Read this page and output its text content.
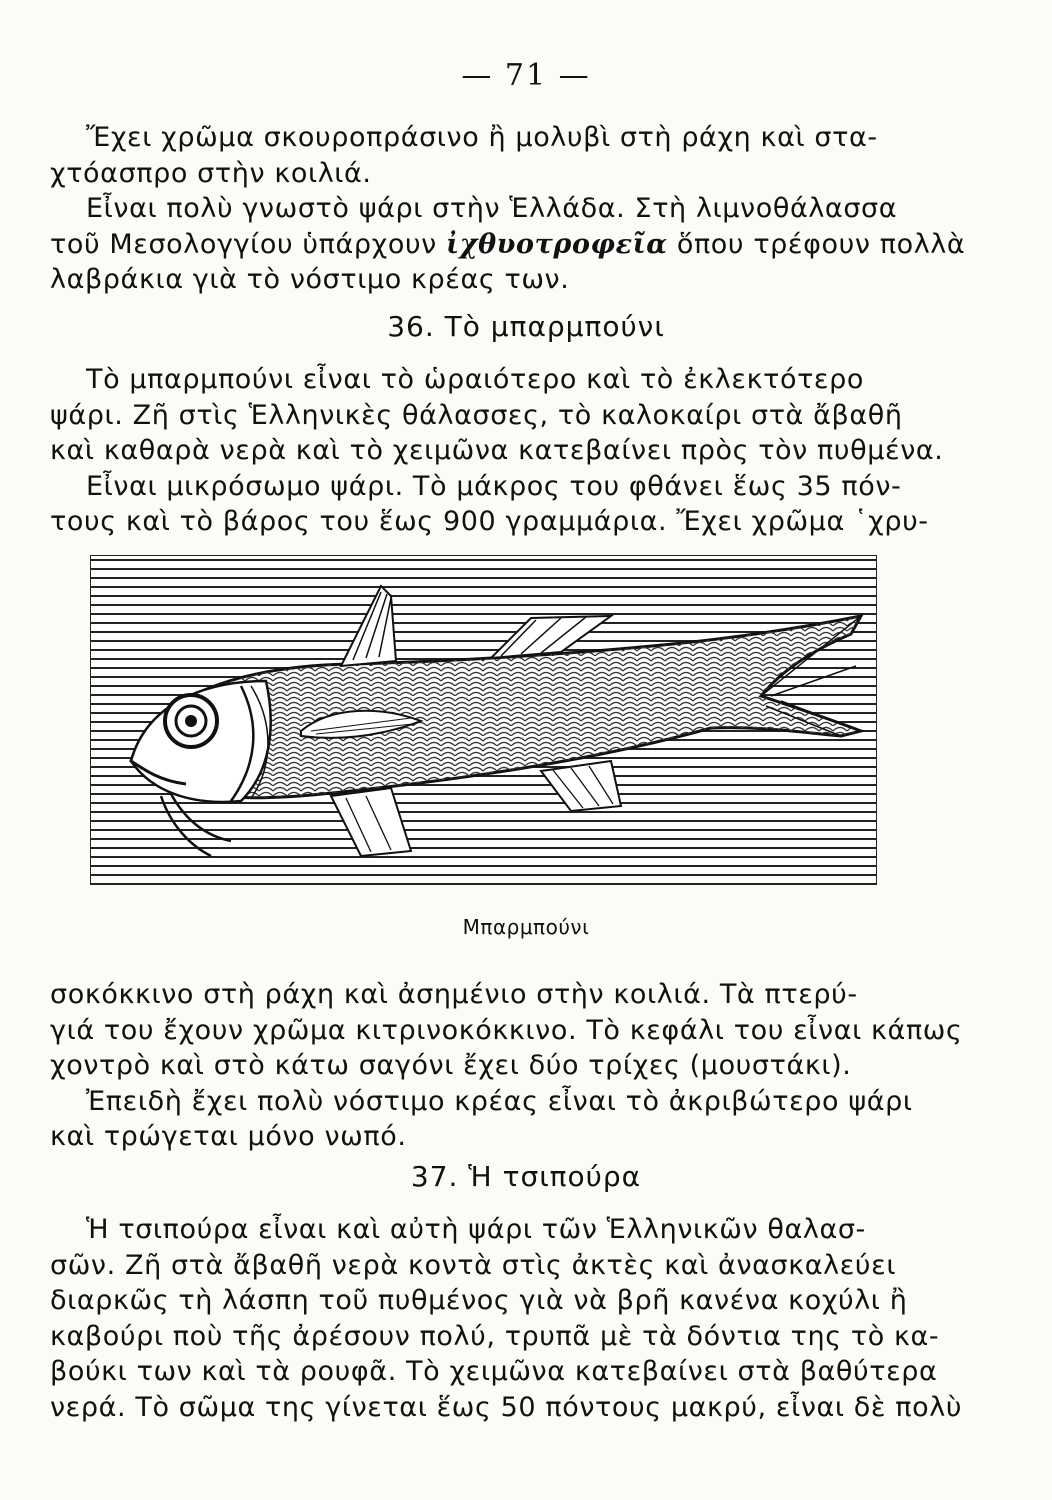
— 71 —
Ἔχει χρῶμα σκουροπράσινο ἢ μολυβὶ στὴ ράχη καὶ στα-
χτόασπρο στὴν κοιλιά.
Εἶναι πολὺ γνωστὸ ψάρι στὴν Ἑλλάδα. Στὴ λιμνοθάλασσα
τοῦ Μεσολογγίου ὑπάρχουν ἰχθυοτροφεῖα ὅπου τρέφουν πολλὰ
λαβράκια γιὰ τὸ νόστιμο κρέας των.
36. Τὸ μπαρμπούνι
Τὸ μπαρμπούνι εἶναι τὸ ὡραιότερο καὶ τὸ ἐκλεκτότερο
ψάρι. Ζῆ στὶς Ἑλληνικὲς θάλασσες, τὸ καλοκαίρι στὰ ἄβαθῆ
καὶ καθαρὰ νερὰ καὶ τὸ χειμῶνα κατεβαίνει πρὸς τὸν πυθμένα.
Εἶναι μικρόσωμο ψάρι. Τὸ μάκρος του φθάνει ἕως 35 πόν-
τους καὶ τὸ βάρος του ἕως 900 γραμμάρια. Ἔχει χρῶμα ῾χρυ-
Μπαρμπούνι
σοκόκκινο στὴ ράχη καὶ ἀσημένιο στὴν κοιλιά. Τὰ πτερύ-
γιά του ἔχουν χρῶμα κιτρινοκόκκινο. Τὸ κεφάλι του εἶναι κάπως
χοντρὸ καὶ στὸ κάτω σαγόνι ἔχει δύο τρίχες (μουστάκι).
Ἐπειδὴ ἔχει πολὺ νόστιμο κρέας εἶναι τὸ ἀκριβώτερο ψάρι
καὶ τρώγεται μόνο νωπό.
37. Ἡ τσιπούρα
Ἡ τσιπούρα εἶναι καὶ αὐτὴ ψάρι τῶν Ἑλληνικῶν θαλασ-
σῶν. Ζῆ στὰ ἄβαθῆ νερὰ κοντὰ στὶς ἀκτὲς καὶ ἀνασκαλεύει
διαρκῶς τὴ λάσπη τοῦ πυθμένος γιὰ νὰ βρῆ κανένα κοχύλι ἢ
καβούρι ποὺ τῆς ἀρέσουν πολύ, τρυπᾶ μὲ τὰ δόντια της τὸ κα-
βούκι των καὶ τὰ ρουφᾶ. Τὸ χειμῶνα κατεβαίνει στὰ βαθύτερα
νερά. Τὸ σῶμα της γίνεται ἕως 50 πόντους μακρύ, εἶναι δὲ πολὺ
